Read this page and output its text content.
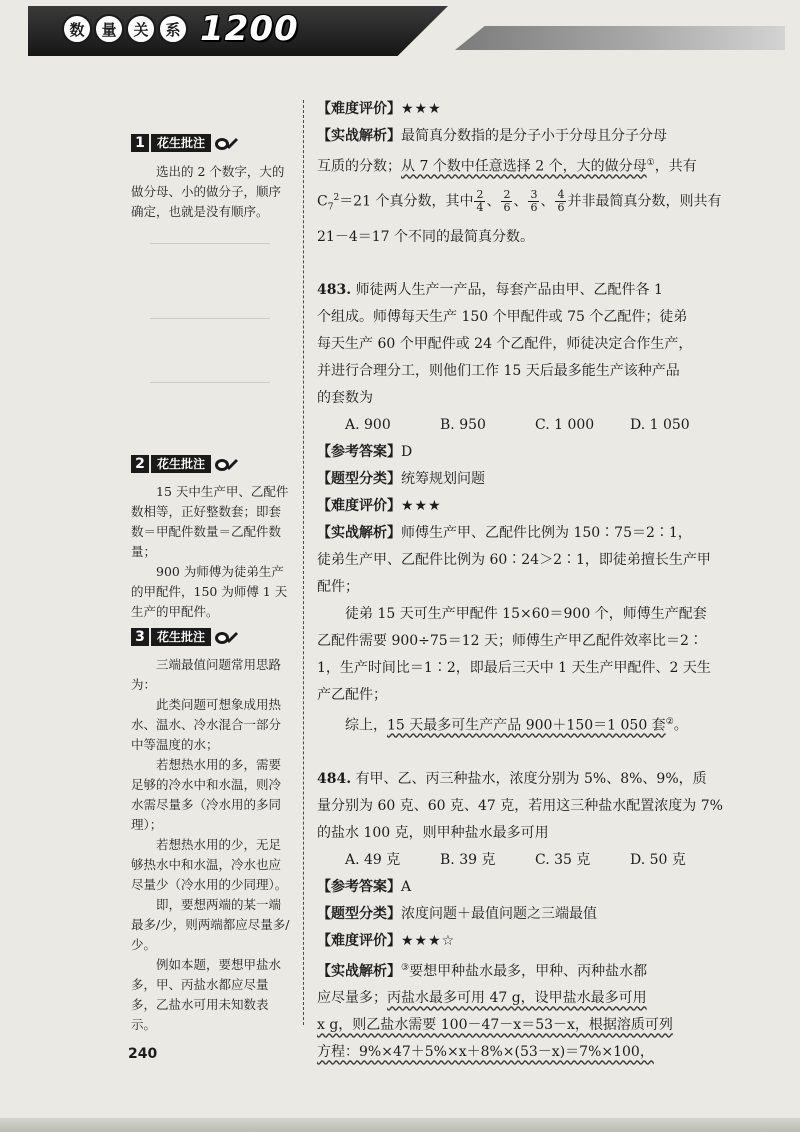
数	量	关	系 1200
1	花生批注

选出的 2 个数字，大的做分母、小的做分子，顺序确定，也就是没有顺序。

2	花生批注

15 天中生产甲、乙配件数相等，正好整数套；即套数＝甲配件数量＝乙配件数量；

900 为师傅为徒弟生产的甲配件，150 为师傅 1 天生产的甲配件。

3	花生批注

三端最值问题常用思路为：

此类问题可想象成用热水、温水、冷水混合一部分中等温度的水；

若想热水用的多，需要足够的冷水中和水温，则冷水需尽量多（冷水用的多同理）；

若想热水用的少，无足够热水中和水温，冷水也应尽量少（冷水用的少同理）。

即，要想两端的某一端最多/少，则两端都应尽量多/少。

例如本题，要想甲盐水多，甲、丙盐水都应尽量多，乙盐水可用未知数表示。

【难度评价】★★★

【实战解析】最简真分数指的是分子小于分母且分子分母

互质的分数；从 7 个数中任意选择 2 个，大的做分母①，共有

$C_7^2=21$ 个真分数，其中 $\frac{2}{4}$ 、 $\frac{2}{6}$ 、 $\frac{3}{6}$ 、 $\frac{4}{6}$ 并非最简真分数，则共有

21－4＝17 个不同的最简真分数。

483. 师徒两人生产一产品，每套产品由甲、乙配件各 1

个组成。师傅每天生产 150 个甲配件或 75 个乙配件；徒弟

每天生产 60 个甲配件或 24 个乙配件，师徒决定合作生产，

并进行合理分工，则他们工作 15 天后最多能生产该种产品

的套数为

A. 900	B. 950	C. 1 000	D. 1 050

【参考答案】D

【题型分类】统筹规划问题

【难度评价】★★★

【实战解析】师傅生产甲、乙配件比例为 150∶75＝2∶1，

徒弟生产甲、乙配件比例为 60∶24＞2∶1，即徒弟擅长生产甲

配件；

徒弟 15 天可生产甲配件 15×60＝900 个，师傅生产配套

乙配件需要 900÷75＝12 天；师傅生产甲乙配件效率比＝2∶

1，生产时间比＝1∶2，即最后三天中 1 天生产甲配件、2 天生

产乙配件；

综上，15 天最多可生产产品 900＋150＝1 050 套②。

484. 有甲、乙、丙三种盐水，浓度分别为 5%、8%、9%，质

量分别为 60 克、60 克、47 克，若用这三种盐水配置浓度为 7%

的盐水 100 克，则甲种盐水最多可用

A. 49 克	B. 39 克	C. 35 克	D. 50 克

【参考答案】A

【题型分类】浓度问题＋最值问题之三端最值

【难度评价】★★★☆

【实战解析】③要想甲种盐水最多，甲种、丙种盐水都

应尽量多；丙盐水最多可用 47 g，设甲盐水最多可用

x g，则乙盐水需要 100－47－x＝53－x，根据溶质可列

方程：9%×47＋5%×x＋8%×(53－x)＝7%×100，

240
